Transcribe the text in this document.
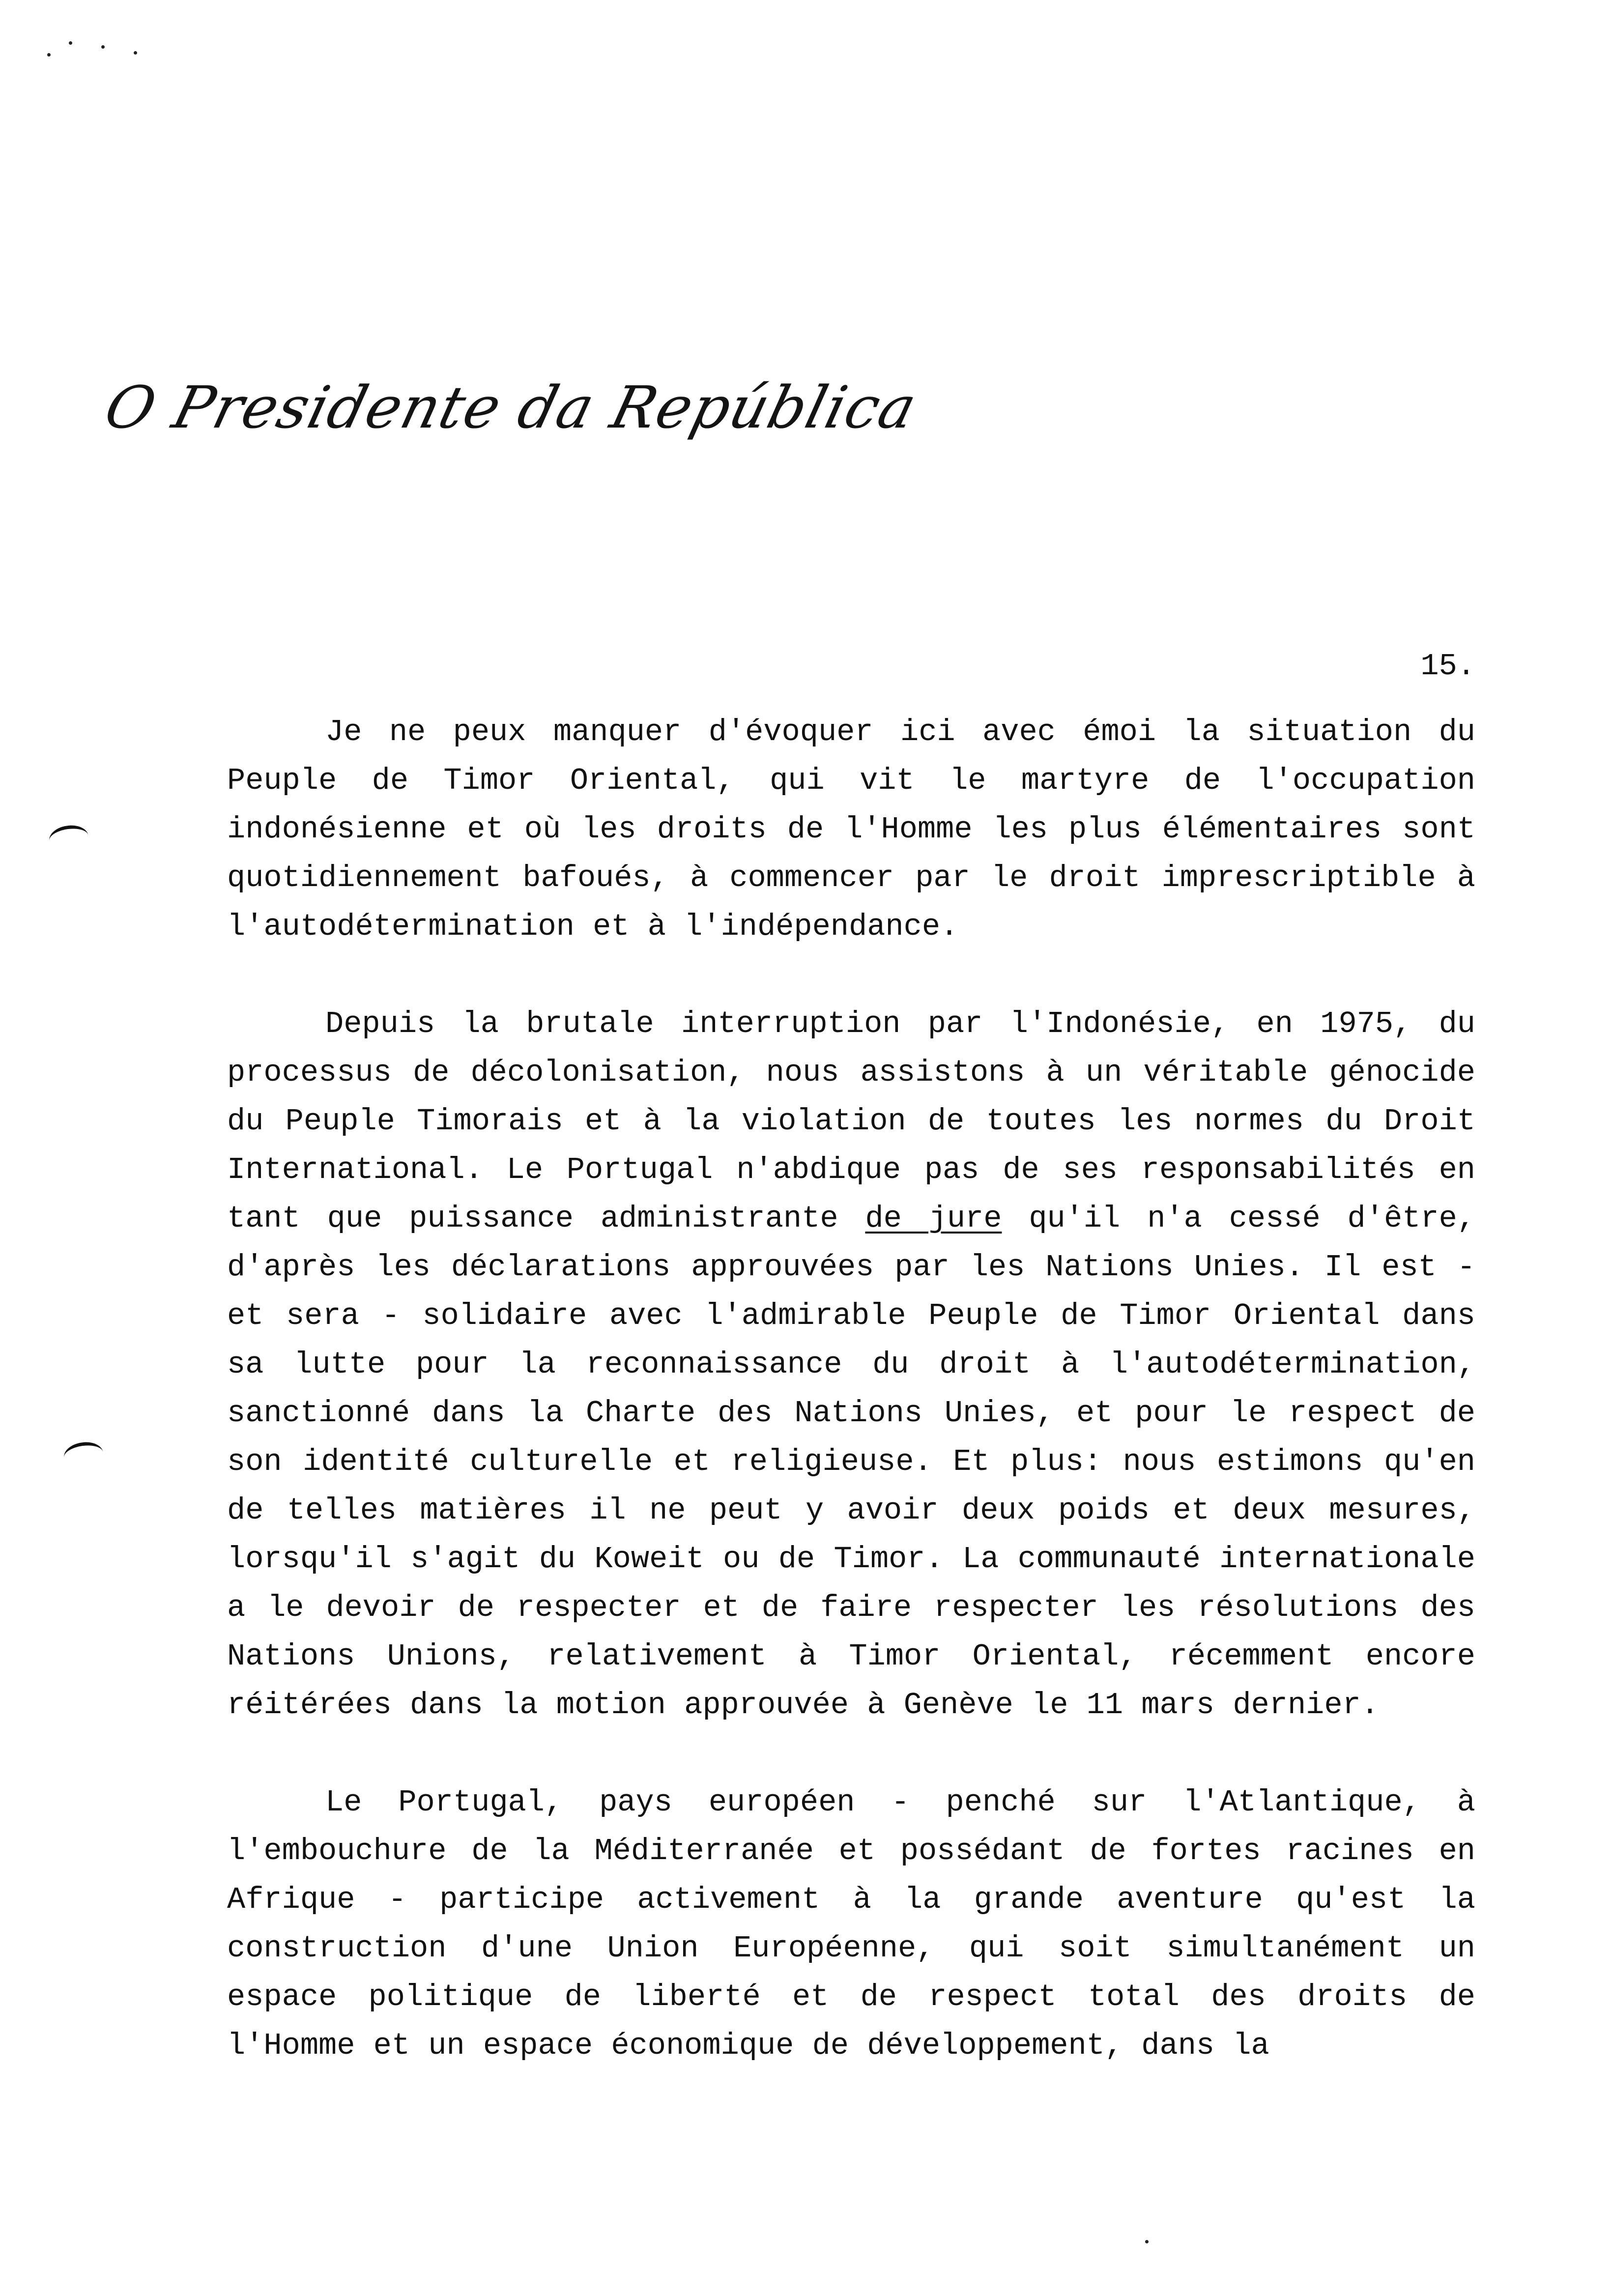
O Presidente da República
15.

Je ne peux manquer d'évoquer ici avec émoi la situation du Peuple de Timor Oriental, qui vit le martyre de l'occupation indonésienne et où les droits de l'Homme les plus élémentaires sont quotidiennement bafoués, à commencer par le droit imprescriptible à l'autodétermination et à l'indépendance.

Depuis la brutale interruption par l'Indonésie, en 1975, du processus de décolonisation, nous assistons à un véritable génocide du Peuple Timorais et à la violation de toutes les normes du Droit International. Le Portugal n'abdique pas de ses responsabilités en tant que puissance administrante de jure qu'il n'a cessé d'être, d'après les déclarations approuvées par les Nations Unies. Il est - et sera - solidaire avec l'admirable Peuple de Timor Oriental dans sa lutte pour la reconnaissance du droit à l'autodétermination, sanctionné dans la Charte des Nations Unies, et pour le respect de son identité culturelle et religieuse. Et plus: nous estimons qu'en de telles matières il ne peut y avoir deux poids et deux mesures, lorsqu'il s'agit du Koweit ou de Timor. La communauté internationale a le devoir de respecter et de faire respecter les résolutions des Nations Unions, relativement à Timor Oriental, récemment encore réitérées dans la motion approuvée à Genève le 11 mars dernier.

Le Portugal, pays européen - penché sur l'Atlantique, à l'embouchure de la Méditerranée et possédant de fortes racines en Afrique - participe activement à la grande aventure qu'est la construction d'une Union Européenne, qui soit simultanément un espace politique de liberté et de respect total des droits de l'Homme et un espace économique de développement, dans la
